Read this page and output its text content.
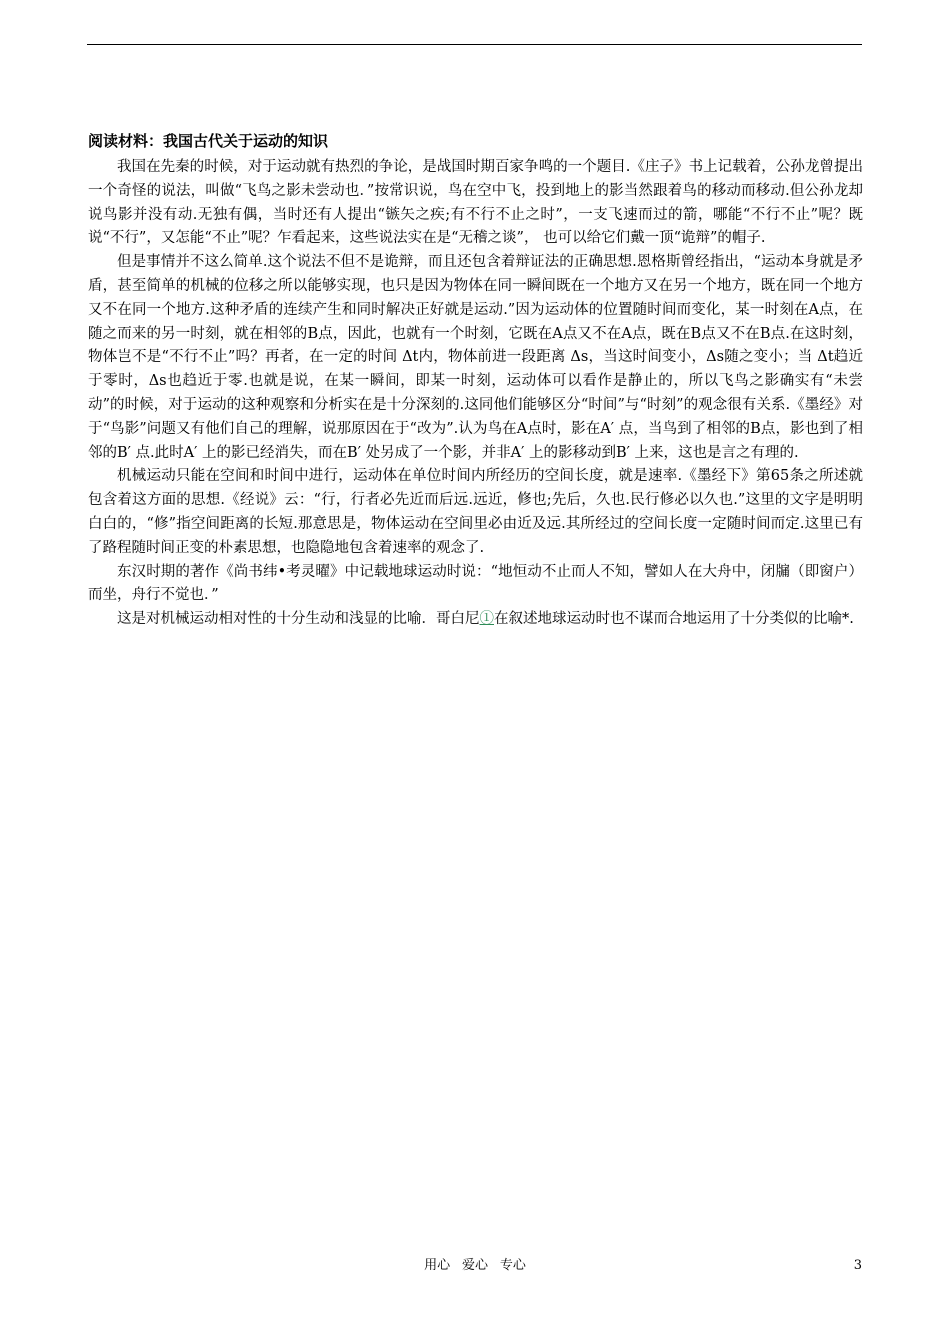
阅读材料：我国古代关于运动的知识

我国在先秦的时候，对于运动就有热烈的争论，是战国时期百家争鸣的一个题目.《庄子》书上记载着，公孙龙曾提出一个奇怪的说法，叫做“飞鸟之影未尝动也．”按常识说，鸟在空中飞，投到地上的影当然跟着鸟的移动而移动.但公孙龙却说鸟影并没有动.无独有偶，当时还有人提出“镞矢之疾;有不行不止之时”，一支飞速而过的箭，哪能“不行不止”呢？既说“不行”，又怎能“不止”呢？乍看起来，这些说法实在是“无稽之谈”， 也可以给它们戴一顶“诡辩”的帽子.

但是事情并不这么简单.这个说法不但不是诡辩，而且还包含着辩证法的正确思想.恩格斯曾经指出，“运动本身就是矛盾，甚至简单的机械的位移之所以能够实现，也只是因为物体在同一瞬间既在一个地方又在另一个地方，既在同一个地方又不在同一个地方.这种矛盾的连续产生和同时解决正好就是运动.”因为运动体的位置随时间而变化，某一时刻在A点，在随之而来的另一时刻，就在相邻的B点，因此，也就有一个时刻，它既在A点又不在A点，既在B点又不在B点.在这时刻，物体岂不是“不行不止”吗？再者，在一定的时间 Δt内，物体前进一段距离 Δs，当这时间变小，Δs随之变小；当 Δt趋近于零时，Δs也趋近于零.也就是说，在某一瞬间，即某一时刻，运动体可以看作是静止的，所以飞鸟之影确实有“未尝动”的时候，对于运动的这种观察和分析实在是十分深刻的.这同他们能够区分“时间”与“时刻”的观念很有关系.《墨经》对于“鸟影”问题又有他们自己的理解，说那原因在于“改为”.认为鸟在A点时，影在A′ 点，当鸟到了相邻的B点，影也到了相邻的B′ 点.此时A′ 上的影已经消失，而在B′ 处另成了一个影，并非A′ 上的影移动到B′ 上来，这也是言之有理的.

机械运动只能在空间和时间中进行，运动体在单位时间内所经历的空间长度，就是速率.《墨经下》第65条之所述就包含着这方面的思想.《经说》云：“行，行者必先近而后远.远近，修也;先后，久也.民行修必以久也.”这里的文字是明明白白的，“修”指空间距离的长短.那意思是，物体运动在空间里必由近及远.其所经过的空间长度一定随时间而定.这里已有了路程随时间正变的朴素思想，也隐隐地包含着速率的观念了.

东汉时期的著作《尚书纬•考灵曜》中记载地球运动时说：“地恒动不止而人不知，譬如人在大舟中，闭牖（即窗户）而坐，舟行不觉也．”

这是对机械运动相对性的十分生动和浅显的比喻．哥白尼①在叙述地球运动时也不谋而合地运用了十分类似的比喻*.

用心 爱心 专心	3
